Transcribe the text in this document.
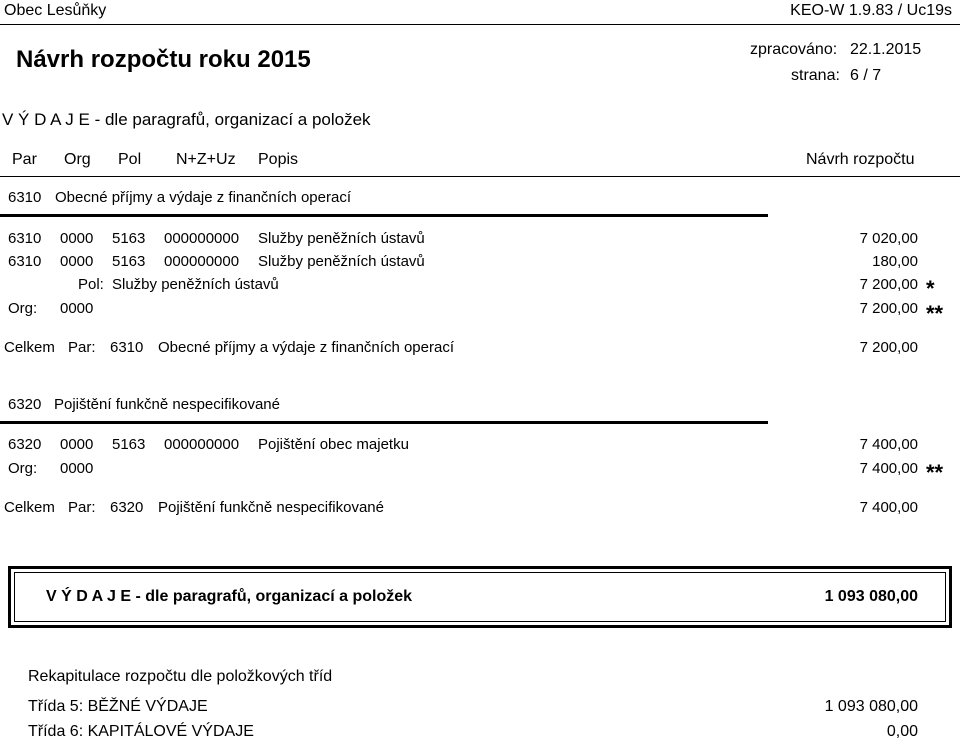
Obec Lesůňky	KEO-W 1.9.83 / Uc19s
Návrh rozpočtu roku 2015	zpracováno: 22.1.2015
strana: 6 / 7
V Ý D A J E - dle paragrafů, organizací a položek
Par Org Pol N+Z+Uz Popis	Návrh rozpočtu
6310 Obecné příjmy a výdaje z finančních operací
6310 0000 5163 000000000 Služby peněžních ústavů	7 020,00
6310 0000 5163 000000000 Služby peněžních ústavů	180,00
Pol: Služby peněžních ústavů	7 200,00 *
Org: 0000	7 200,00 **
Celkem Par: 6310 Obecné příjmy a výdaje z finančních operací	7 200,00
6320 Pojištění funkčně nespecifikované
6320 0000 5163 000000000 Pojištění obec majetku	7 400,00
Org: 0000	7 400,00 **
Celkem Par: 6320 Pojištění funkčně nespecifikované	7 400,00
V Ý D A J E - dle paragrafů, organizací a položek	1 093 080,00
Rekapitulace rozpočtu dle položkových tříd
Třída 5: BĚŽNÉ VÝDAJE	1 093 080,00
Třída 6: KAPITÁLOVÉ VÝDAJE	0,00
